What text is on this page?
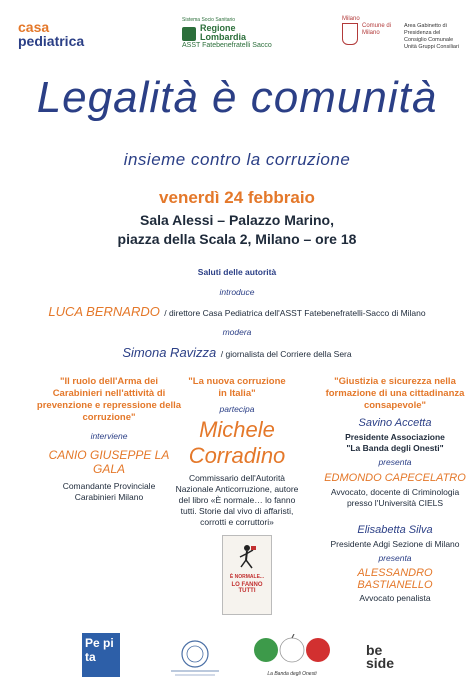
casa
pediatrica
Sistema Socio Sanitario
Regione
Lombardia
ASST Fatebenefratelli Sacco
Milano
Comune di Milano
Area Gabinetto di Presidenza del Consiglio Comunale Unità Gruppi Consiliari
Legalità è comunità
insieme contro la corruzione
venerdì 24 febbraio
Sala Alessi – Palazzo Marino,
piazza della Scala 2, Milano – ore 18
Saluti delle autorità
introduce
LUCA BERNARDO / direttore Casa Pediatrica dell'ASST Fatebenefratelli-Sacco di Milano
modera
Simona Ravizza / giornalista del Corriere della Sera
"Il ruolo dell'Arma dei Carabinieri nell'attività di prevenzione e repressione della corruzione"
interviene
CANIO GIUSEPPE LA GALA
Comandante Provinciale
Carabinieri Milano
"La nuova corruzione in Italia"
partecipa
Michele Corradino
Commissario dell'Autorità Nazionale Anticorruzione, autore del libro «È normale… lo fanno tutti. Storie dal vivo di affaristi, corrotti e corruttori»
È NORMALE...
LO FANNO TUTTI
"Giustizia e sicurezza nella formazione di una cittadinanza consapevole"
Savino Accetta
Presidente Associazione
"La Banda degli Onesti"
presenta
EDMONDO CAPECELATRO
Avvocato, docente di Criminologia
presso l'Università CIELS
Elisabetta Silva
Presidente Adgi Sezione di Milano
presenta
ALESSANDRO BASTIANELLO
Avvocato penalista
Pe pi ta
La Banda degli Onesti
be side
